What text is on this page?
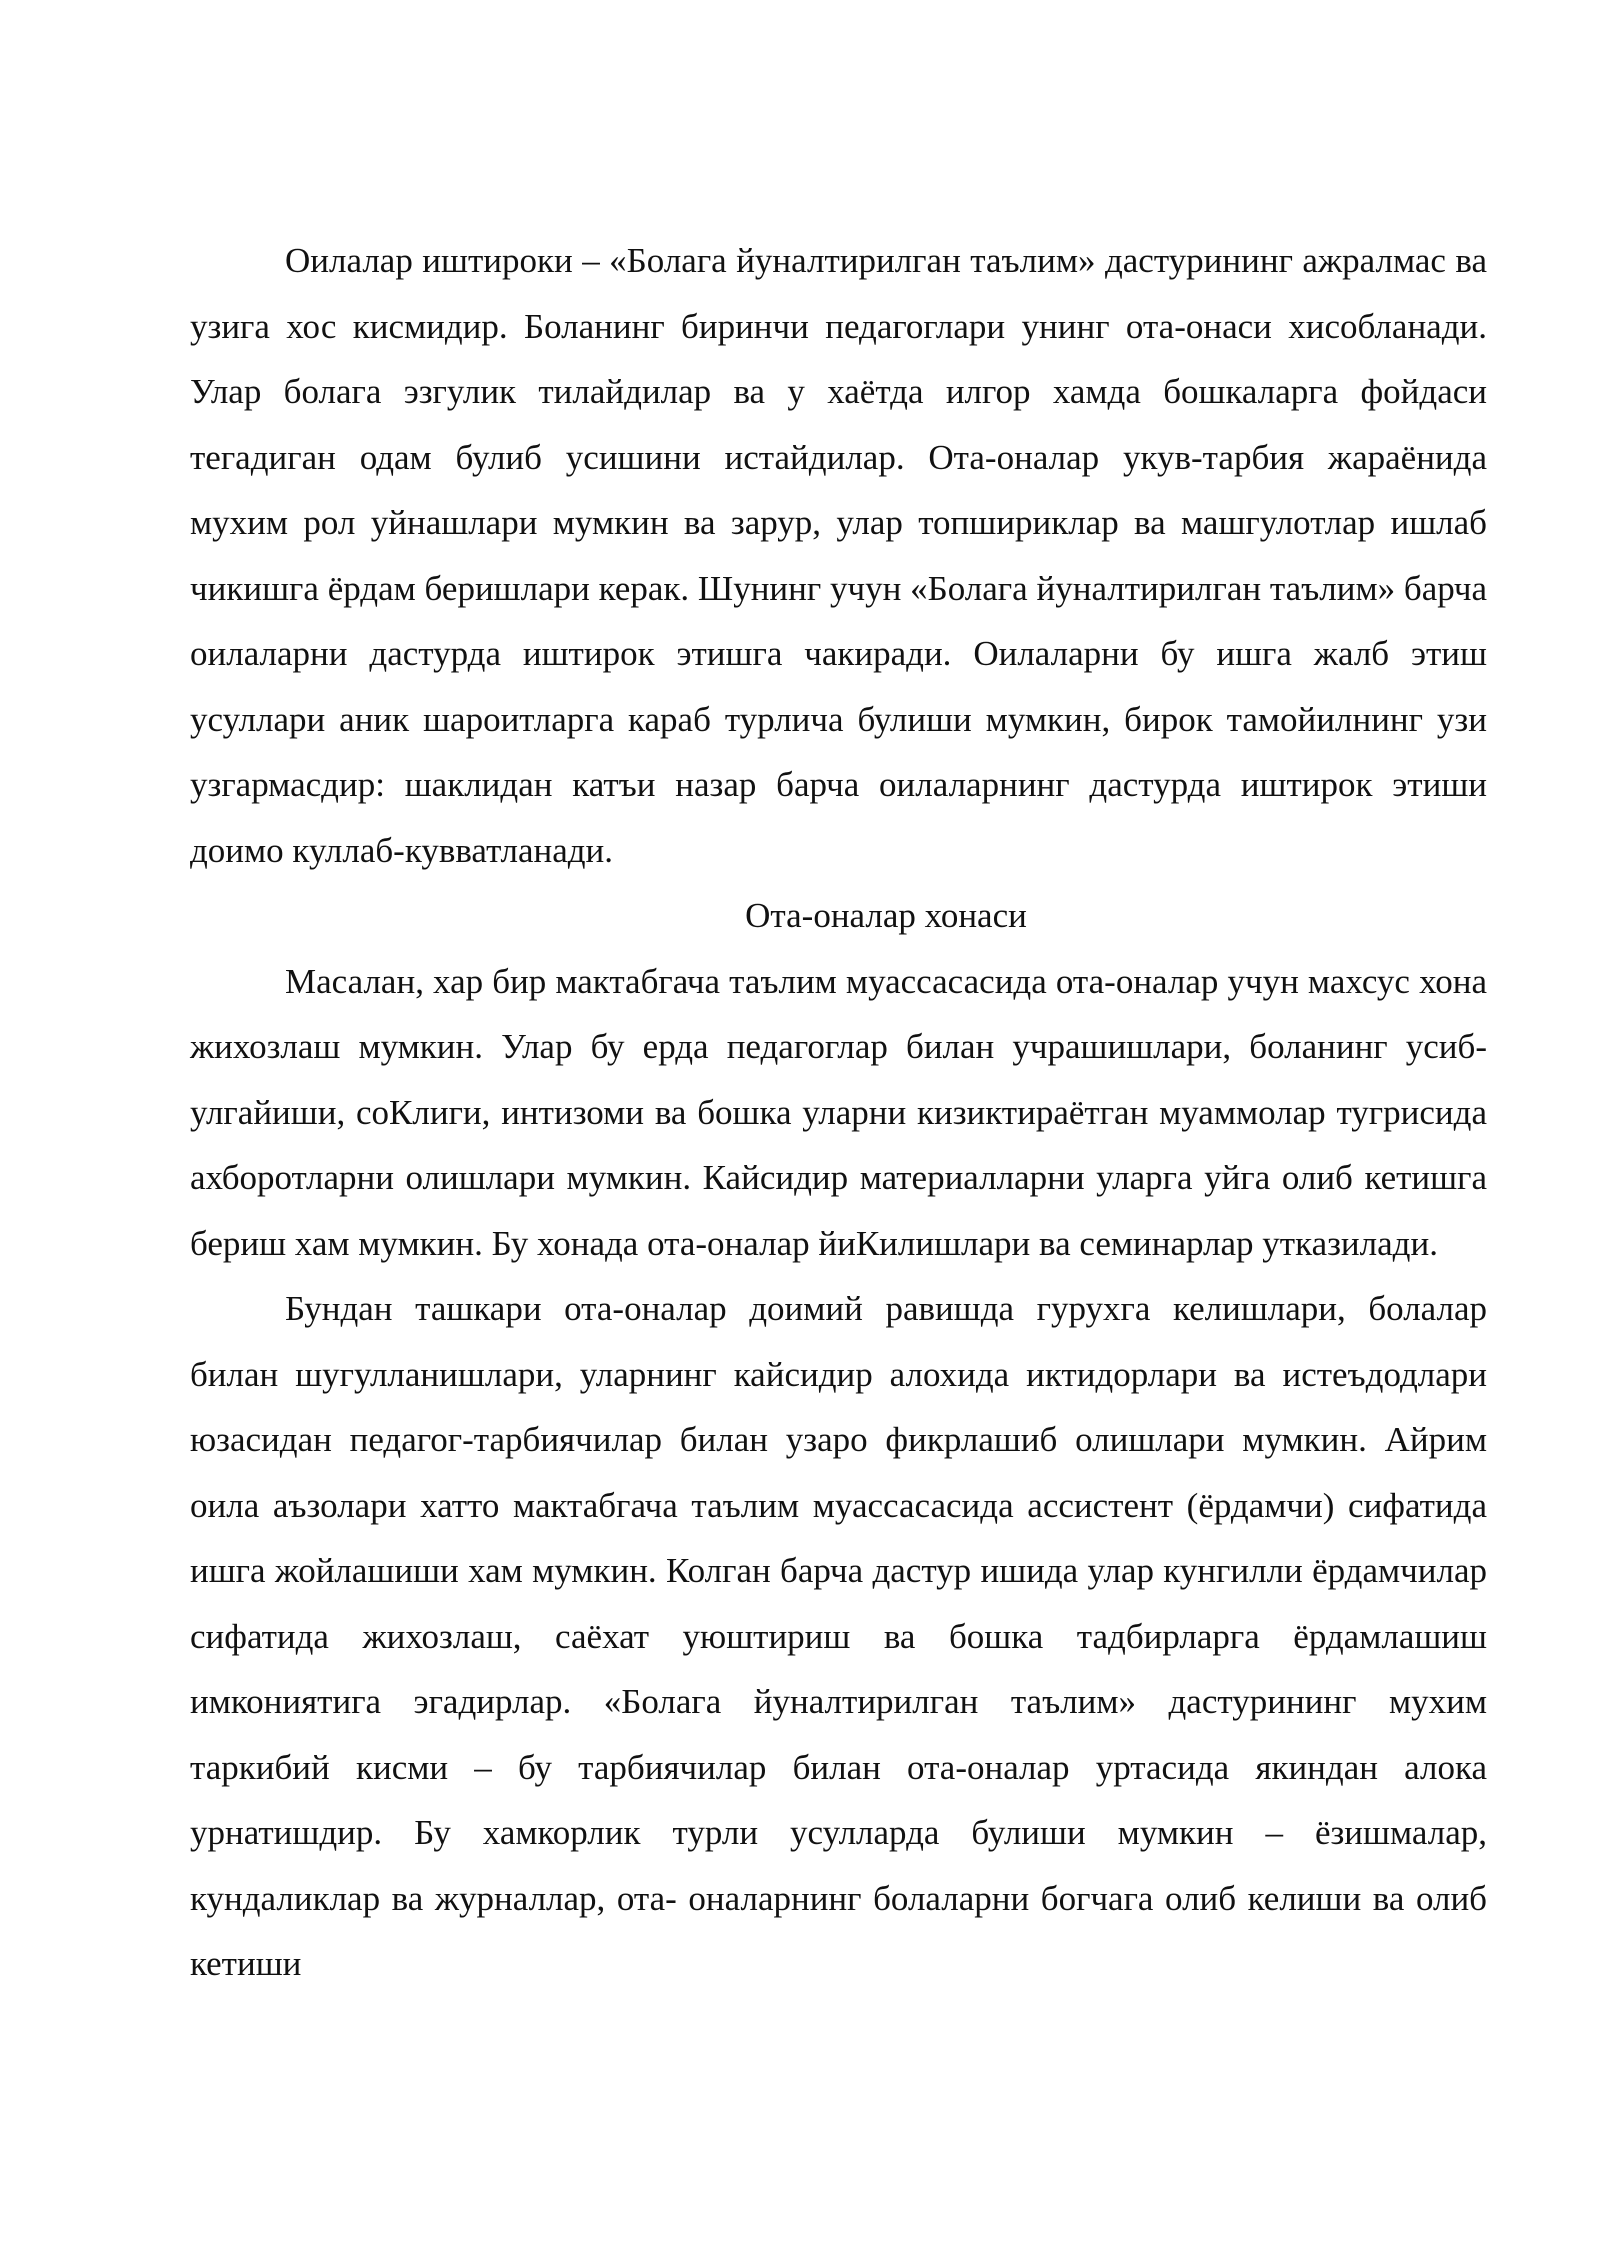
Оилалар иштироки – «Болага йуналтирилган таълим» дастурининг ажралмас ва узига хос кисмидир. Боланинг биринчи педагоглари унинг ота-онаси хисобланади. Улар болага эзгулик тилайдилар ва у хаётда илгор хамда бошкаларга фойдаси тегадиган одам булиб усишини истайдилар. Ота-оналар укув-тарбия жараёнида мухим рол уйнашлари мумкин ва зарур, улар топшириклар ва машгулотлар ишлаб чикишга ёрдам беришлари керак. Шунинг учун «Болага йуналтирилган таълим» барча оилаларни дастурда иштирок этишга чакиради. Оилаларни бу ишга жалб этиш усуллари аник шароитларга караб турлича булиши мумкин, бирок тамойилнинг узи узгармасдир: шаклидан катъи назар барча оилаларнинг дастурда иштирок этиши доимо куллаб-кувватланади.

Ота-оналар хонаси

Масалан, хар бир мактабгача таълим муассасасида ота-оналар учун махсус хона жихозлаш мумкин. Улар бу ерда педагоглар билан учрашишлари, боланинг усиб- улгайиши, соКлиги, интизоми ва бошка уларни кизиктираётган муаммолар тугрисида ахборотларни олишлари мумкин. Кайсидир материалларни уларга уйга олиб кетишга бериш хам мумкин. Бу хонада ота-оналар йиКилишлари ва семинарлар утказилади.

Бундан ташкари ота-оналар доимий равишда гурухга келишлари, болалар билан шугулланишлари, уларнинг кайсидир алохида иктидорлари ва истеъдодлари юзасидан педагог-тарбиячилар билан узаро фикрлашиб олишлари мумкин. Айрим оила аъзолари хатто мактабгача таълим муассасасида ассистент (ёрдамчи) сифатида ишга жойлашиши хам мумкин. Колган барча дастур ишида улар кунгилли ёрдамчилар сифатида жихозлаш, саёхат уюштириш ва бошка тадбирларга ёрдамлашиш имкониятига эгадирлар. «Болага йуналтирилган таълим» дастурининг мухим таркибий кисми – бу тарбиячилар билан ота-оналар уртасида якиндан алока урнатишдир. Бу хамкорлик турли усулларда булиши мумкин – ёзишмалар, кундаликлар ва журналлар, ота- оналарнинг болаларни богчага олиб келиши ва олиб кетиши
